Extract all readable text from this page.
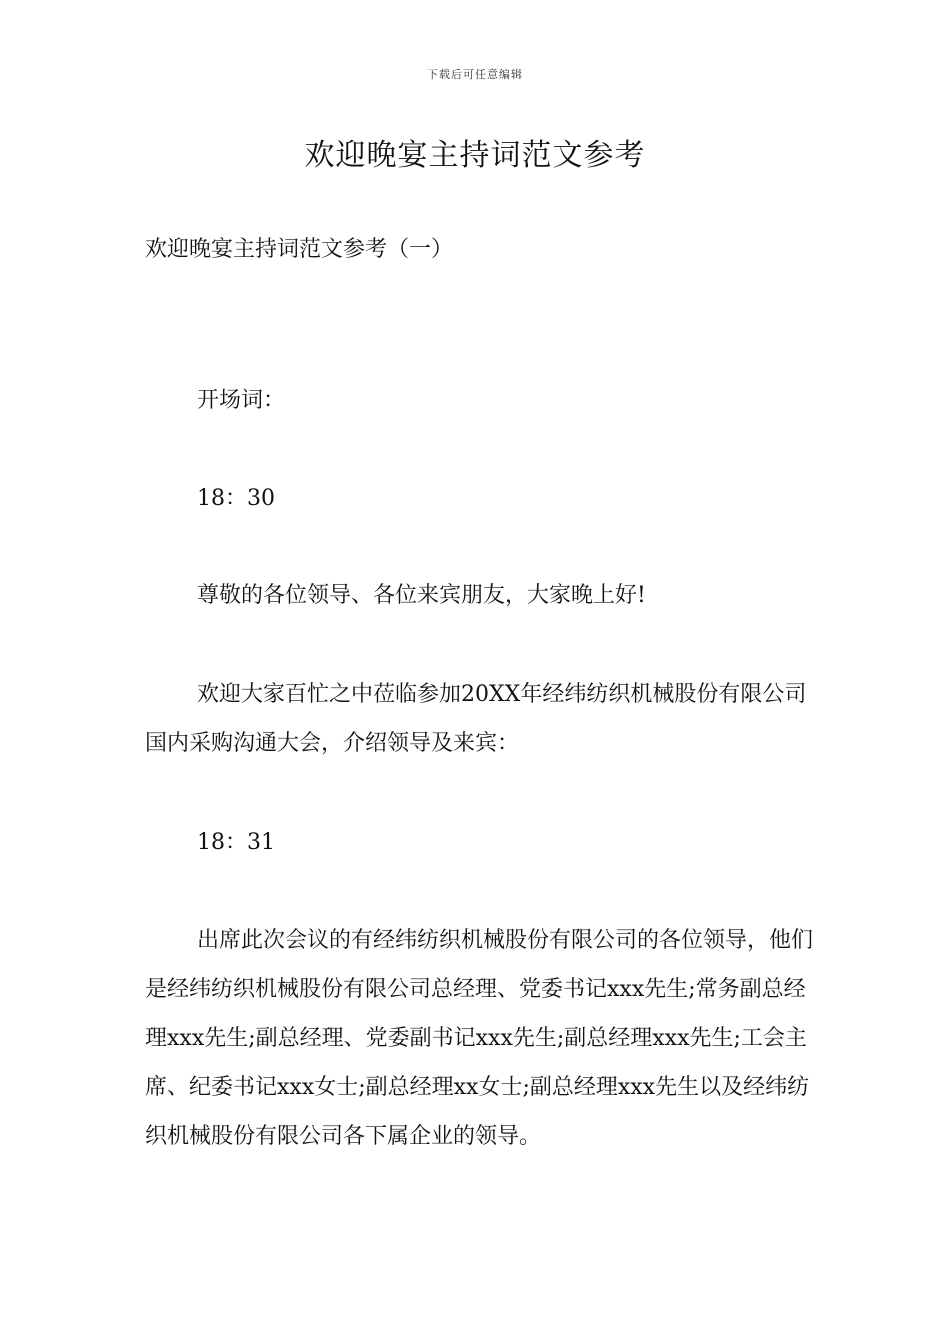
下载后可任意编辑
欢迎晚宴主持词范文参考
欢迎晚宴主持词范文参考（一）

开场词：

18：30

尊敬的各位领导、各位来宾朋友，大家晚上好!

欢迎大家百忙之中莅临参加20XX年经纬纺织机械股份有限公司国内采购沟通大会，介绍领导及来宾：

18：31

出席此次会议的有经纬纺织机械股份有限公司的各位领导，他们是经纬纺织机械股份有限公司总经理、党委书记xxx先生;常务副总经理xxx先生;副总经理、党委副书记xxx先生;副总经理xxx先生;工会主席、纪委书记xxx女士;副总经理xx女士;副总经理xxx先生以及经纬纺织机械股份有限公司各下属企业的领导。
